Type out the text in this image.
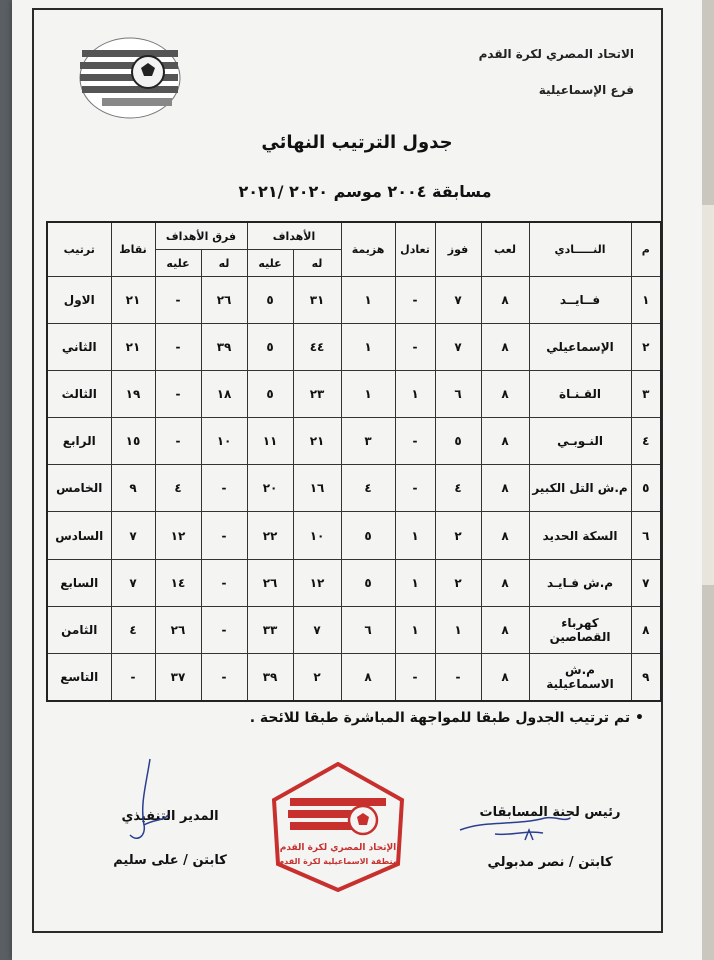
الاتحاد المصري لكرة القدم
فرع الإسماعيلية
جدول الترتيب النهائي
مسابقة ٢٠٠٤ موسم ٢٠٢٠ /٢٠٢١
م	النـــــادي	لعب	فوز	تعادل	هزيمة	الأهداف		فرق الأهداف		نقاط	ترتيب
						له	عليه	له	عليه		
١	فــايــد	٨	٧	-	١	٣١	٥	٢٦	-	٢١	الاول
٢	الإسماعيلي	٨	٧	-	١	٤٤	٥	٣٩	-	٢١	الثاني
٣	القـنـاة	٨	٦	١	١	٢٣	٥	١٨	-	١٩	الثالث
٤	النـوبـي	٨	٥	-	٣	٢١	١١	١٠	-	١٥	الرابع
٥	م.ش التل الكبير	٨	٤	-	٤	١٦	٢٠	-	٤	٩	الخامس
٦	السكة الحديد	٨	٢	١	٥	١٠	٢٢	-	١٢	٧	السادس
٧	م.ش فـايـد	٨	٢	١	٥	١٢	٢٦	-	١٤	٧	السابع
٨	كهرباء القصاصين	٨	١	١	٦	٧	٣٣	-	٢٦	٤	الثامن
٩	م.ش الاسماعيلية	٨	-	-	٨	٢	٣٩	-	٣٧	-	التاسع
• تم ترتيب الجدول طبقا للمواجهة المباشرة طبقا للائحة .
رئيس لجنة المسابقات
كابتن / نصر مدبولي
المدير التنفيذي
كابتن / على سليم
الإتحاد المصري لكرة القدم
منطقة الاسماعيلية لكرة القدم
